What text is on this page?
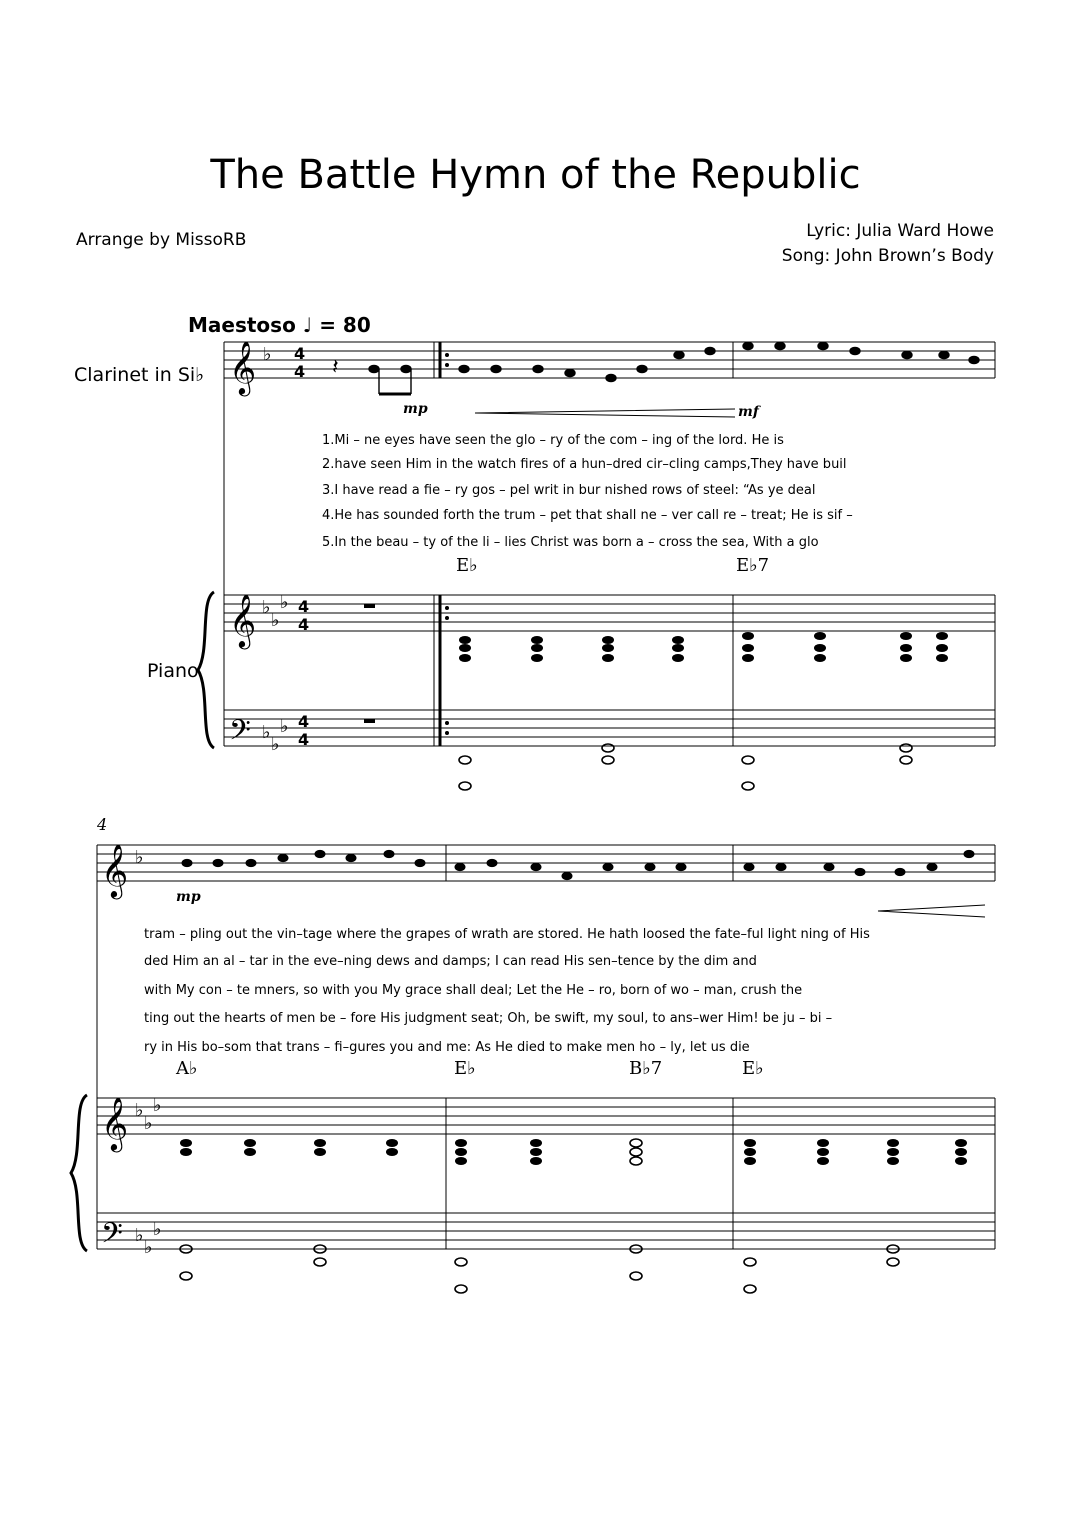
The Battle Hymn of the Republic
Arrange by MissoRB	Lyric: Julia Ward Howe
Song: John Brown’s Body
Maestoso ♩ = 80
Clarinet in Si♭
Piano
𝄞
𝄞
𝄢
𝄞
𝄞
𝄢
♭
♭
♭
♭
♭
♭
♭
♭
♭
♭
♭
♭
♭
♭
4
4
4
4
4
4
𝄽
mp	mf
mp
1.Mi – ne eyes have seen the glo – ry of the com – ing of the lord. He is
2.have seen Him in the watch fires of a hun–dred cir–cling camps,They have buil
3.I have read a fie – ry gos – pel writ in bur nished rows of steel: “As ye deal
4.He has sounded forth the trum – pet that shall ne – ver call re – treat; He is sif –
5.In the beau – ty of the li – lies Christ was born a – cross the sea, With a glo
E♭	E♭7
4
tram – pling out the vin–tage where the grapes of wrath are stored. He hath loosed the fate–ful light ning of His
ded Him an al – tar in the eve–ning dews and damps; I can read His sen–tence by the dim and
with My con – te mners, so with you My grace shall deal; Let the He – ro, born of wo – man, crush the
ting out the hearts of men be – fore His judgment seat; Oh, be swift, my soul, to ans–wer Him! be ju – bi –
ry in His bo–som that trans – fi–gures you and me: As He died to make men ho – ly, let us die
A♭	E♭	B♭7	E♭
